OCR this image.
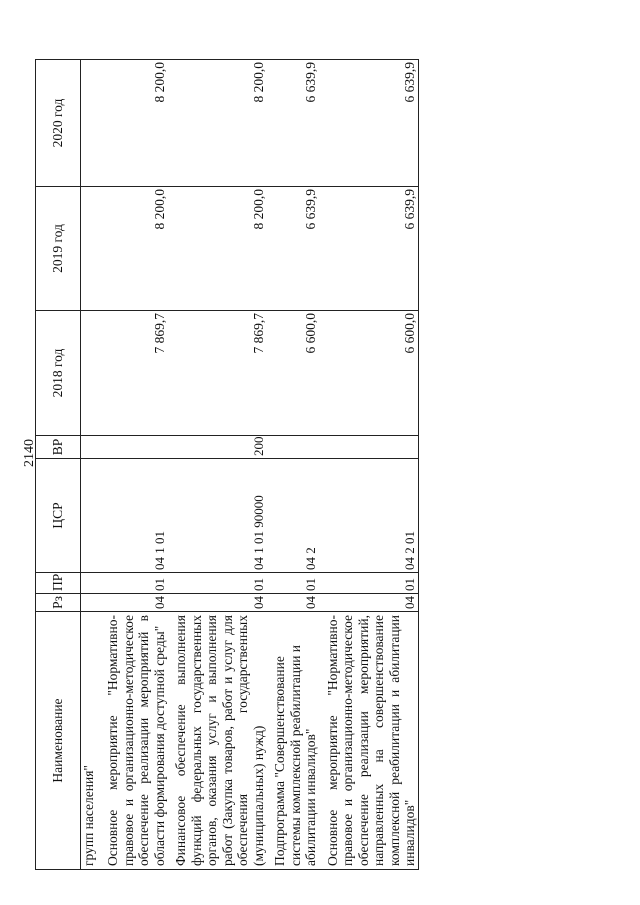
2140
Наименование	Рз	ПР	ЦСР	ВР	2018 год	2019 год	2020 год
групп населения"							

Основное мероприятие "Нормативно-правовое и организационно-методическое обеспечение реализации мероприятий в области формирования доступной среды"	04	01	04 1 01		7 869,7	8 200,0	8 200,0

Финансовое обеспечение выполнения функций федеральных государственных органов, оказания услуг и выполнения работ (Закупка товаров, работ и услуг для обеспечения государственных (муниципальных) нужд)	04	01	04 1 01 90000	200	7 869,7	8 200,0	8 200,0

Подпрограмма "Совершенствование системы комплексной реабилитации и абилитации инвалидов"	04	01	04 2		6 600,0	6 639,9	6 639,9

Основное мероприятие "Нормативно-правовое и организационно-методическое обеспечение реализации мероприятий, направленных на совершенствование комплексной реабилитации и абилитации инвалидов"	04	01	04 2 01		6 600,0	6 639,9	6 639,9
